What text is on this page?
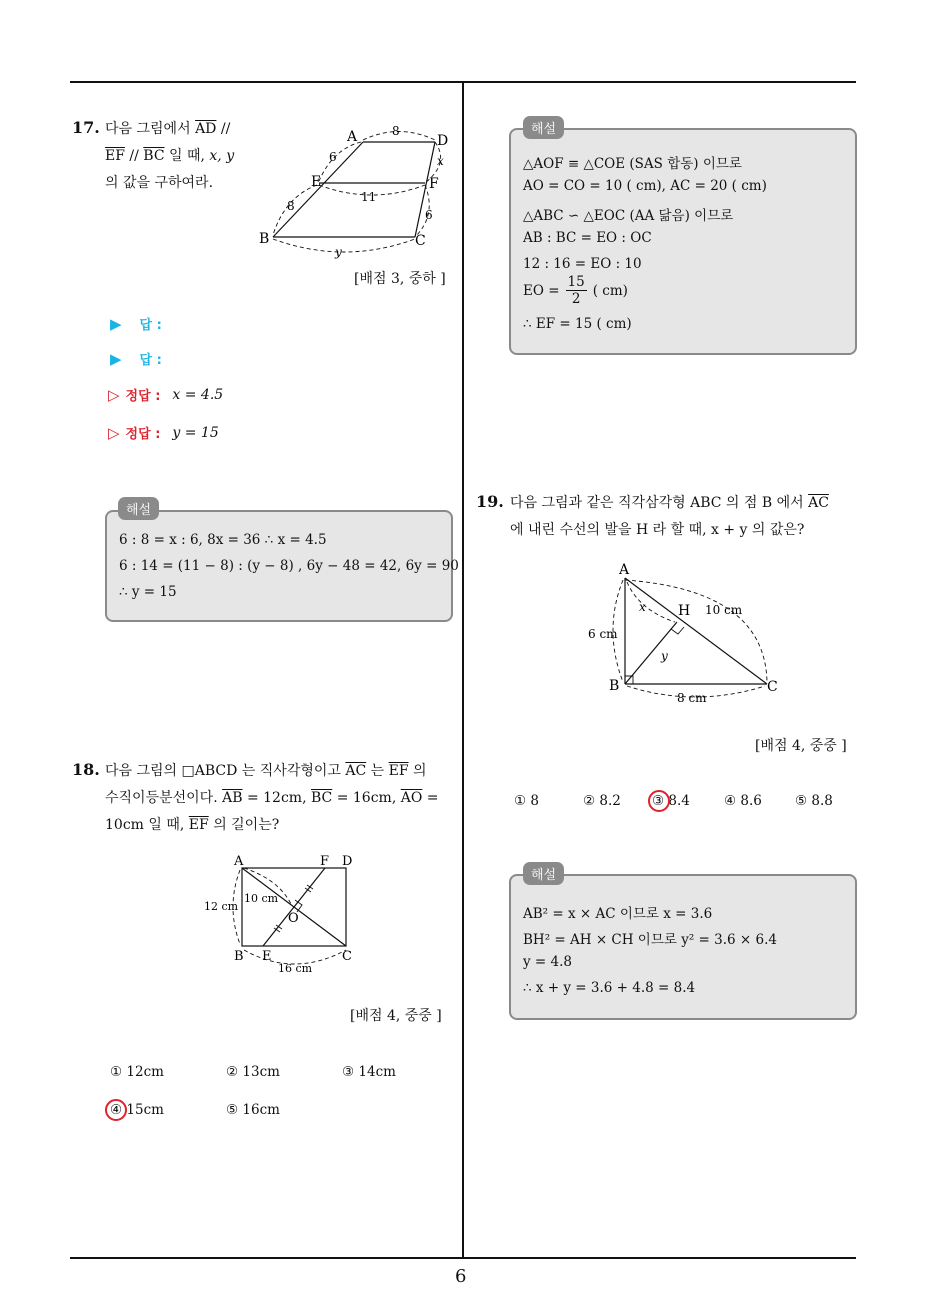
6
17. 다음 그림에서 $\overline{AD}$ //
$\overline{EF} // \overline{BC}$ 일 때, x, y
의 값을 구하여라.
A	D
E	F
B	C
8
6	x
11
8
6
y
[배점 3, 중하 ]
▶ 답 :
▶ 답 :
▷ 정답 : x = 4.5
▷ 정답 : y = 15
6 : 8 = x : 6, 8x = 36 ∴ x = 4.5
6 : 14 = (11 − 8) : (y − 8) , 6y − 48 = 42, 6y = 90
∴ y = 15
해설
18. 다음 그림의 □ABCD 는 직사각형이고 $\overline{AC}$ 는 $\overline{EF}$ 의
수직이등분선이다. $\overline{AB} = 12cm$, $\overline{BC} = 16cm$, $\overline{AO}$ =
10cm 일 때, $\overline{EF}$ 의 길이는?
A	F D
B E	C
O
12 cm
10 cm
16 cm
[배점 4, 중중 ]
① 12cm	② 13cm	③ 14cm
④ 15cm	⑤ 16cm
△AOF ≡ △COE (SAS 합동) 이므로
AO = CO = 10 ( cm), AC = 20 ( cm)
△ABC ∽ △EOC (AA 닮음) 이므로
AB : BC = EO : OC
12 : 16 = EO : 10
EO = $\frac{15}{2}$ ( cm)
∴ EF = 15 ( cm)
해설
19. 다음 그림과 같은 직각삼각형 ABC 의 점 B 에서 $\overline{AC}$
에 내린 수선의 발을 H 라 할 때, x + y 의 값은?
A
H
B	C
x
y
10 cm
6 cm
8 cm
[배점 4, 중중 ]
① 8	② 8.2 ③ 8.4	④ 8.6 ⑤ 8.8
AB² = x × AC 이므로 x = 3.6
BH² = AH × CH 이므로 y² = 3.6 × 6.4
y = 4.8
∴ x + y = 3.6 + 4.8 = 8.4
해설
